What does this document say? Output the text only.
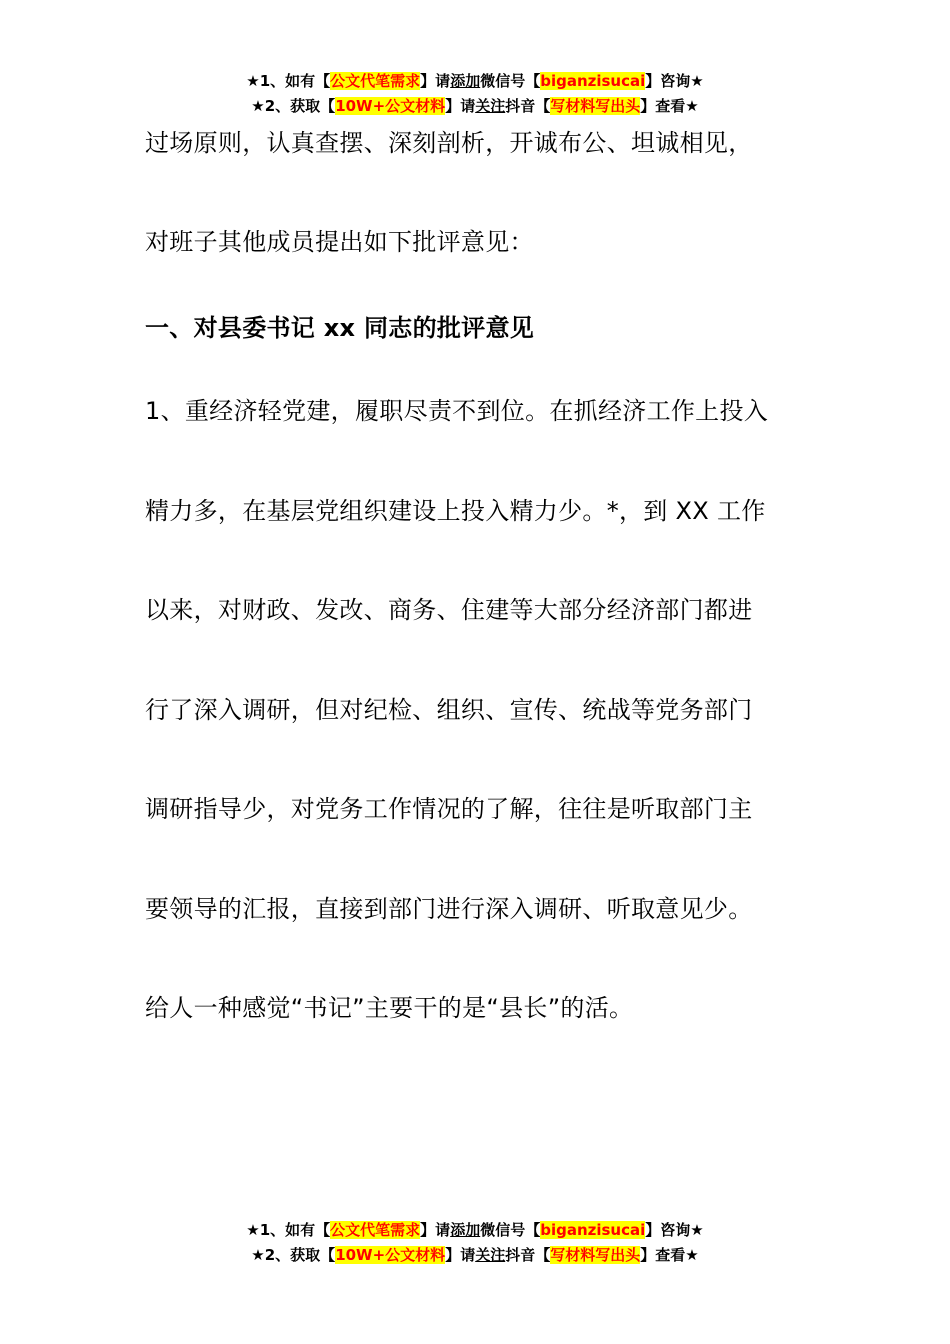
★1、如有【公文代笔需求】请添加微信号【biganzisucai】咨询★
★2、获取【10W+公文材料】请关注抖音【写材料写出头】查看★
过场原则，认真查摆、深刻剖析，开诚布公、坦诚相见，
对班子其他成员提出如下批评意见：
一、对县委书记 xx 同志的批评意见
1、重经济轻党建，履职尽责不到位。在抓经济工作上投入
精力多，在基层党组织建设上投入精力少。*，到 XX 工作
以来，对财政、发改、商务、住建等大部分经济部门都进
行了深入调研，但对纪检、组织、宣传、统战等党务部门
调研指导少，对党务工作情况的了解，往往是听取部门主
要领导的汇报，直接到部门进行深入调研、听取意见少。
给人一种感觉“书记”主要干的是“县长”的活。
★1、如有【公文代笔需求】请添加微信号【biganzisucai】咨询★
★2、获取【10W+公文材料】请关注抖音【写材料写出头】查看★
